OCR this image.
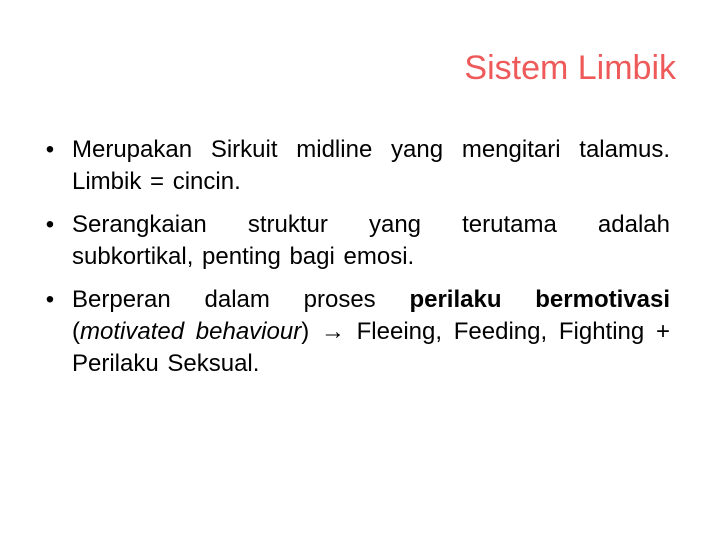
Sistem Limbik
• Merupakan Sirkuit midline yang mengitari talamus. Limbik = cincin.
• Serangkaian struktur yang terutama adalah subkortikal, penting bagi emosi.
• Berperan dalam proses perilaku bermotivasi (motivated behaviour) → Fleeing, Feeding, Fighting + Perilaku Seksual.
